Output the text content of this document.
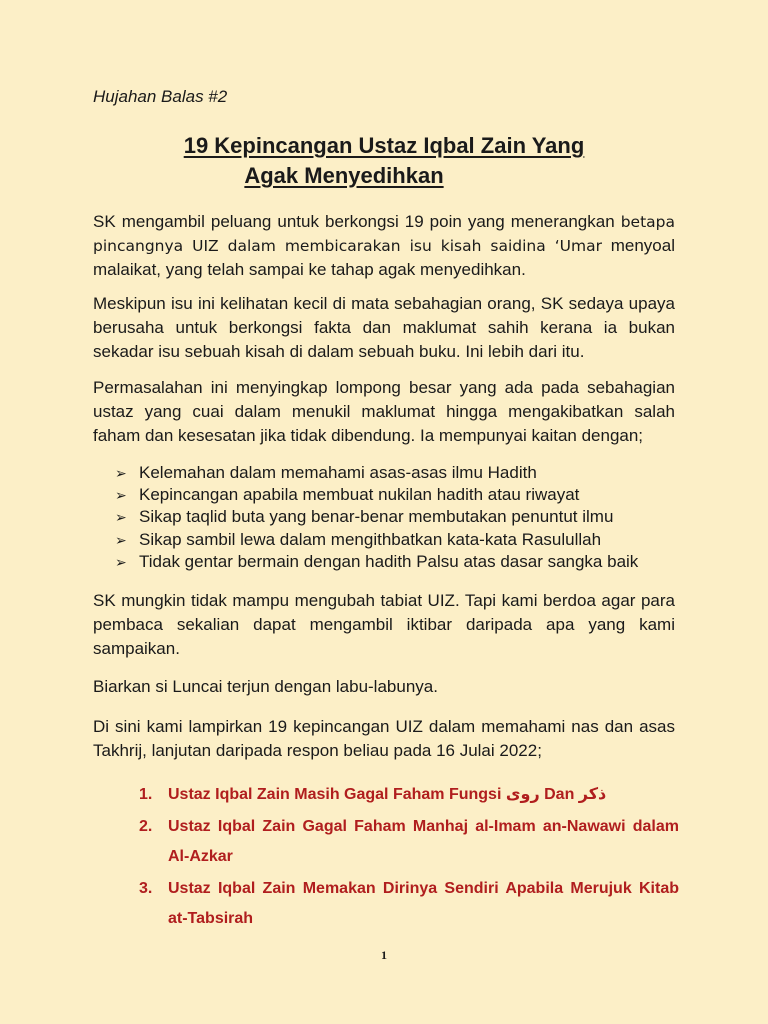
Hujahan Balas #2
19 Kepincangan Ustaz Iqbal Zain Yang
Agak Menyedihkan

SK mengambil peluang untuk berkongsi 19 poin yang menerangkan betapa pincangnya UIZ dalam membicarakan isu kisah saidina ‘Umar menyoal malaikat, yang telah sampai ke tahap agak menyedihkan.

Meskipun isu ini kelihatan kecil di mata sebahagian orang, SK sedaya upaya berusaha untuk berkongsi fakta dan maklumat sahih kerana ia bukan sekadar isu sebuah kisah di dalam sebuah buku. Ini lebih dari itu.

Permasalahan ini menyingkap lompong besar yang ada pada sebahagian ustaz yang cuai dalam menukil maklumat hingga mengakibatkan salah faham dan kesesatan jika tidak dibendung. Ia mempunyai kaitan dengan;

➢ Kelemahan dalam memahami asas-asas ilmu Hadith
➢ Kepincangan apabila membuat nukilan hadith atau riwayat
➢ Sikap taqlid buta yang benar-benar membutakan penuntut ilmu
➢ Sikap sambil lewa dalam mengithbatkan kata-kata Rasulullah
➢ Tidak gentar bermain dengan hadith Palsu atas dasar sangka baik

SK mungkin tidak mampu mengubah tabiat UIZ. Tapi kami berdoa agar para pembaca sekalian dapat mengambil iktibar daripada apa yang kami sampaikan.

Biarkan si Luncai terjun dengan labu-labunya.

Di sini kami lampirkan 19 kepincangan UIZ dalam memahami nas dan asas Takhrij, lanjutan daripada respon beliau pada 16 Julai 2022;

1. Ustaz Iqbal Zain Masih Gagal Faham Fungsi روى Dan ذكر
2. Ustaz Iqbal Zain Gagal Faham Manhaj al-Imam an-Nawawi dalam Al-Azkar
3. Ustaz Iqbal Zain Memakan Dirinya Sendiri Apabila Merujuk Kitab at-Tabsirah
1
